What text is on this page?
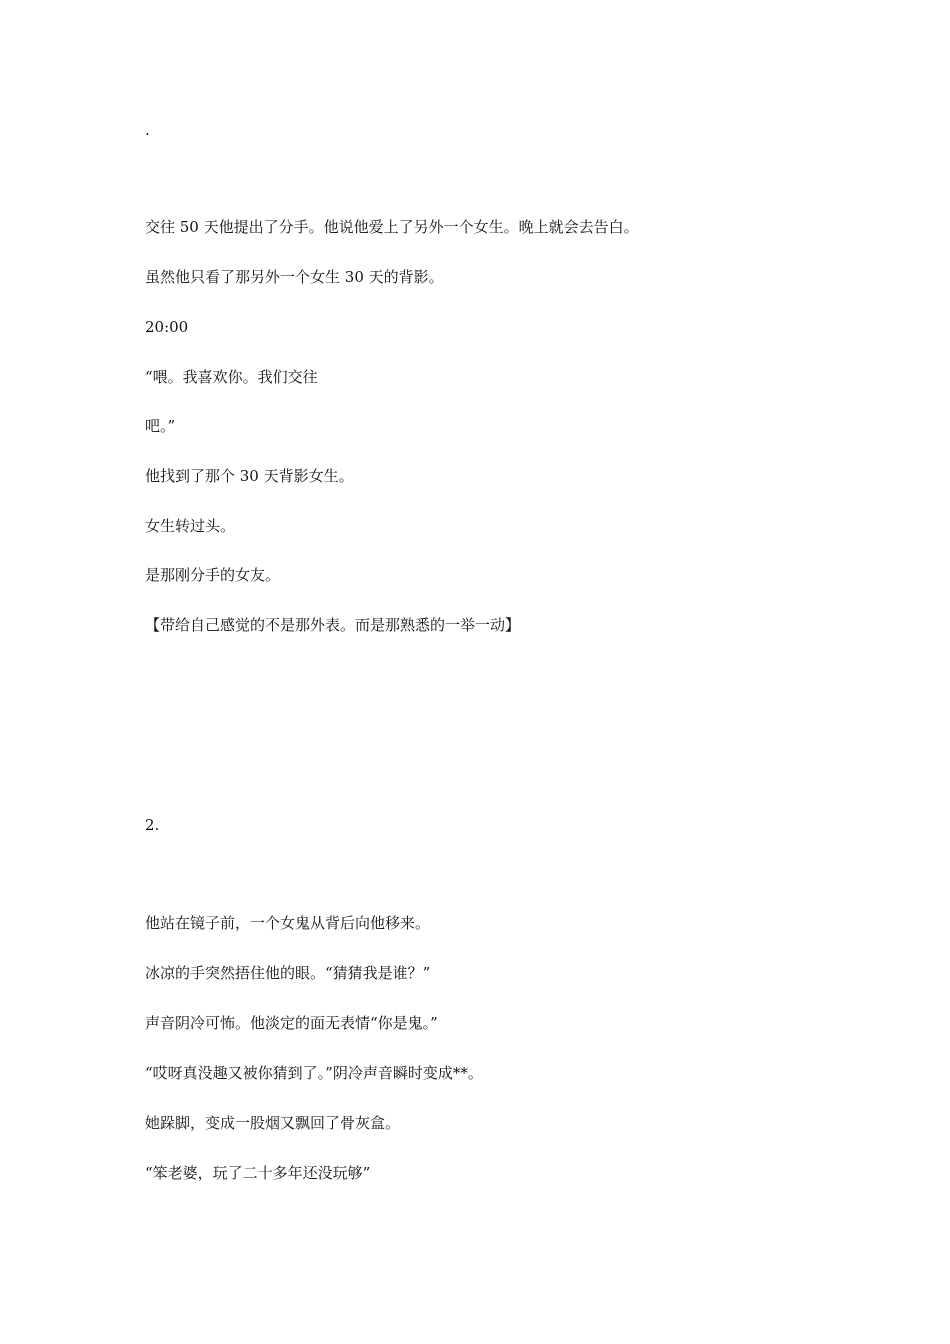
.

交往 50 天他提出了分手。他说他爱上了另外一个女生。晚上就会去告白。

虽然他只看了那另外一个女生 30 天的背影。

20:00

“喂。我喜欢你。我们交往

吧。”

他找到了那个 30 天背影女生。

女生转过头。

是那刚分手的女友。

【带给自己感觉的不是那外表。而是那熟悉的一举一动】

2.

他站在镜子前，一个女鬼从背后向他移来。

冰凉的手突然捂住他的眼。“猜猜我是谁？”

声音阴冷可怖。他淡定的面无表情“你是鬼。”

“哎呀真没趣又被你猜到了。”阴冷声音瞬时变成**。

她跺脚，变成一股烟又飘回了骨灰盒。

“笨老婆，玩了二十多年还没玩够”
